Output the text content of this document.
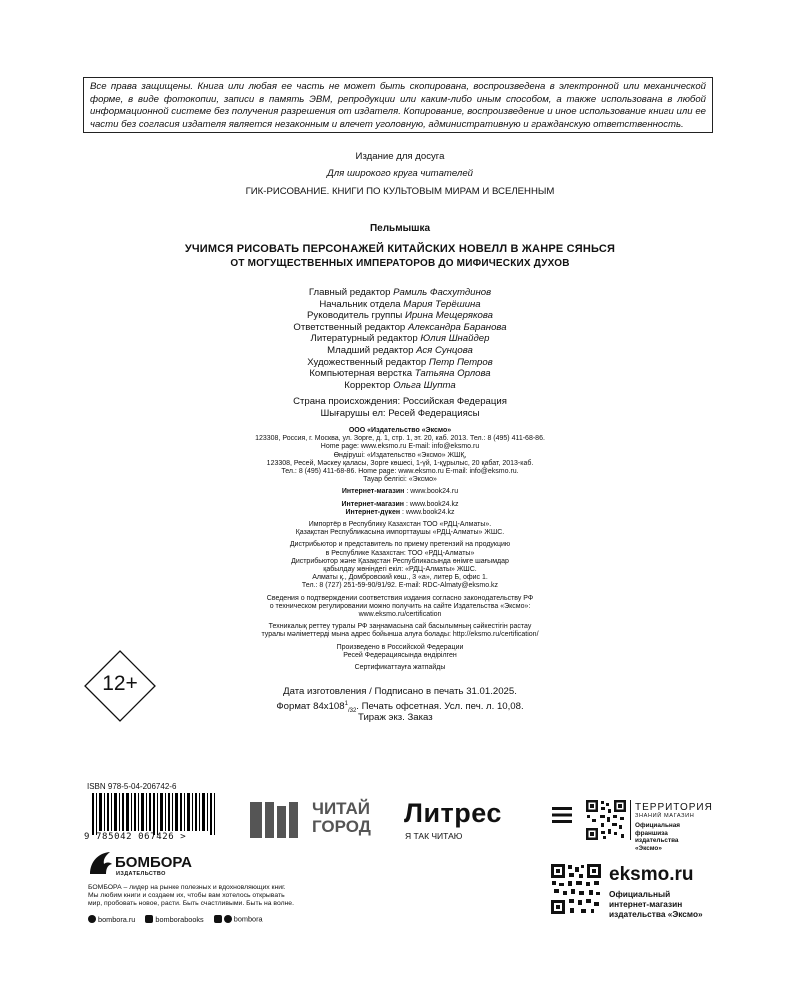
Все права защищены. Книга или любая ее часть не может быть скопирована, воспроизведена в электронной или механической форме, в виде фотокопии, записи в память ЭВМ, репродукции или каким-либо иным способом, а также использована в любой информационной системе без получения разрешения от издателя. Копирование, воспроизведение и иное использование книги или ее части без согласия издателя является незаконным и влечет уголовную, административную и гражданскую ответственность.

Издание для досуга
Для широкого круга читателей
ГИК-РИСОВАНИЕ. КНИГИ ПО КУЛЬТОВЫМ МИРАМ И ВСЕЛЕННЫМ
Пельмышка
УЧИМСЯ РИСОВАТЬ ПЕРСОНАЖЕЙ КИТАЙСКИХ НОВЕЛЛ В ЖАНРЕ СЯНЬСЯ
ОТ МОГУЩЕСТВЕННЫХ ИМПЕРАТОРОВ ДО МИФИЧЕСКИХ ДУХОВ
Главный редактор Рамиль Фасхутдинов
Начальник отдела Мария Терёшина
Руководитель группы Ирина Мещерякова
Ответственный редактор Александра Баранова
Литературный редактор Юлия Шнайдер
Младший редактор Ася Сунцова
Художественный редактор Петр Петров
Компьютерная верстка Татьяна Орлова
Корректор Ольга Шупта
Страна происхождения: Российская Федерация
Шығарушы ел: Ресей Федерациясы
ООО «Издательство «Эксмо»
123308, Россия, г. Москва, ул. Зорге, д. 1, стр. 1, эт. 20, каб. 2013. Тел.: 8 (495) 411-68-86.
Home page: www.eksmo.ru E-mail: info@eksmo.ru
Өндіруші: «Издательство «Эксмо» ЖШҚ,
123308, Ресей, Мәскеу қаласы, Зорге көшесі, 1-үй, 1-құрылыс, 20 қабат, 2013-каб.
Тел.: 8 (495) 411-68-86. Home page: www.eksmo.ru E-mail: info@eksmo.ru.
Тауар белгісі: «Эксмо»
Интернет-магазин : www.book24.ru
Интернет-магазин : www.book24.kz
Интернет-дүкен : www.book24.kz
Импортёр в Республику Казахстан ТОО «РДЦ-Алматы».
Қазақстан Республикасына импорттаушы «РДЦ-Алматы» ЖШС.
Дистрибьютор и представитель по приему претензий на продукцию
в Республике Казахстан: ТОО «РДЦ-Алматы»
Дистрибьютор және Қазақстан Республикасында өнімге шағымдар
қабылдау жөніндегі екіл: «РДЦ-Алматы» ЖШС.
Алматы қ., Домбровский көш., 3 «а», литер Б, офис 1.
Тел.: 8 (727) 251-59-90/91/92. E-mail: RDC-Almaty@eksmo.kz
Сведения о подтверждении соответствия издания согласно законодательству РФ
о техническом регулировании можно получить на сайте Издательства «Эксмо»:
www.eksmo.ru/certification
Техникалық реттеу туралы РФ заңнамасына сай басылымның сәйкестігін растау
туралы мәліметтердi мына адрес бойынша алуға болады: http://eksmo.ru/certification/
Произведено в Российской Федерации
Ресей Федерациясында өндірілген
Сертификаттауға жатпайды
12+	Дата изготовления / Подписано в печать 31.01.2025.
Формат $84x108^1_{/32}$. Печать офсетная. Усл. печ. л. 10,08.
Тираж экз. Заказ
ISBN 978-5-04-206742-6
9 785042 067426 >
ЧИТАЙ
ГОРОД Литрес
Я ТАК ЧИТАЮ
ТЕРРИТОРИЯ
ЗНАНИЙ МАГАЗИН
Официальная франшиза издательства «Эксмо»
БОМБОРА
ИЗДАТЕЛЬСТВО
БОМБОРА – лидер на рынке полезных и вдохновляющих книг.
Мы любим книги и создаем их, чтобы вам хотелось открывать
мир, пробовать новое, расти. Быть счастливыми. Быть на волне.
bombora.ru	bomborabooks	bombora
eksmo.ru
Официальный
интернет-магазин
издательства «Эксмо»
